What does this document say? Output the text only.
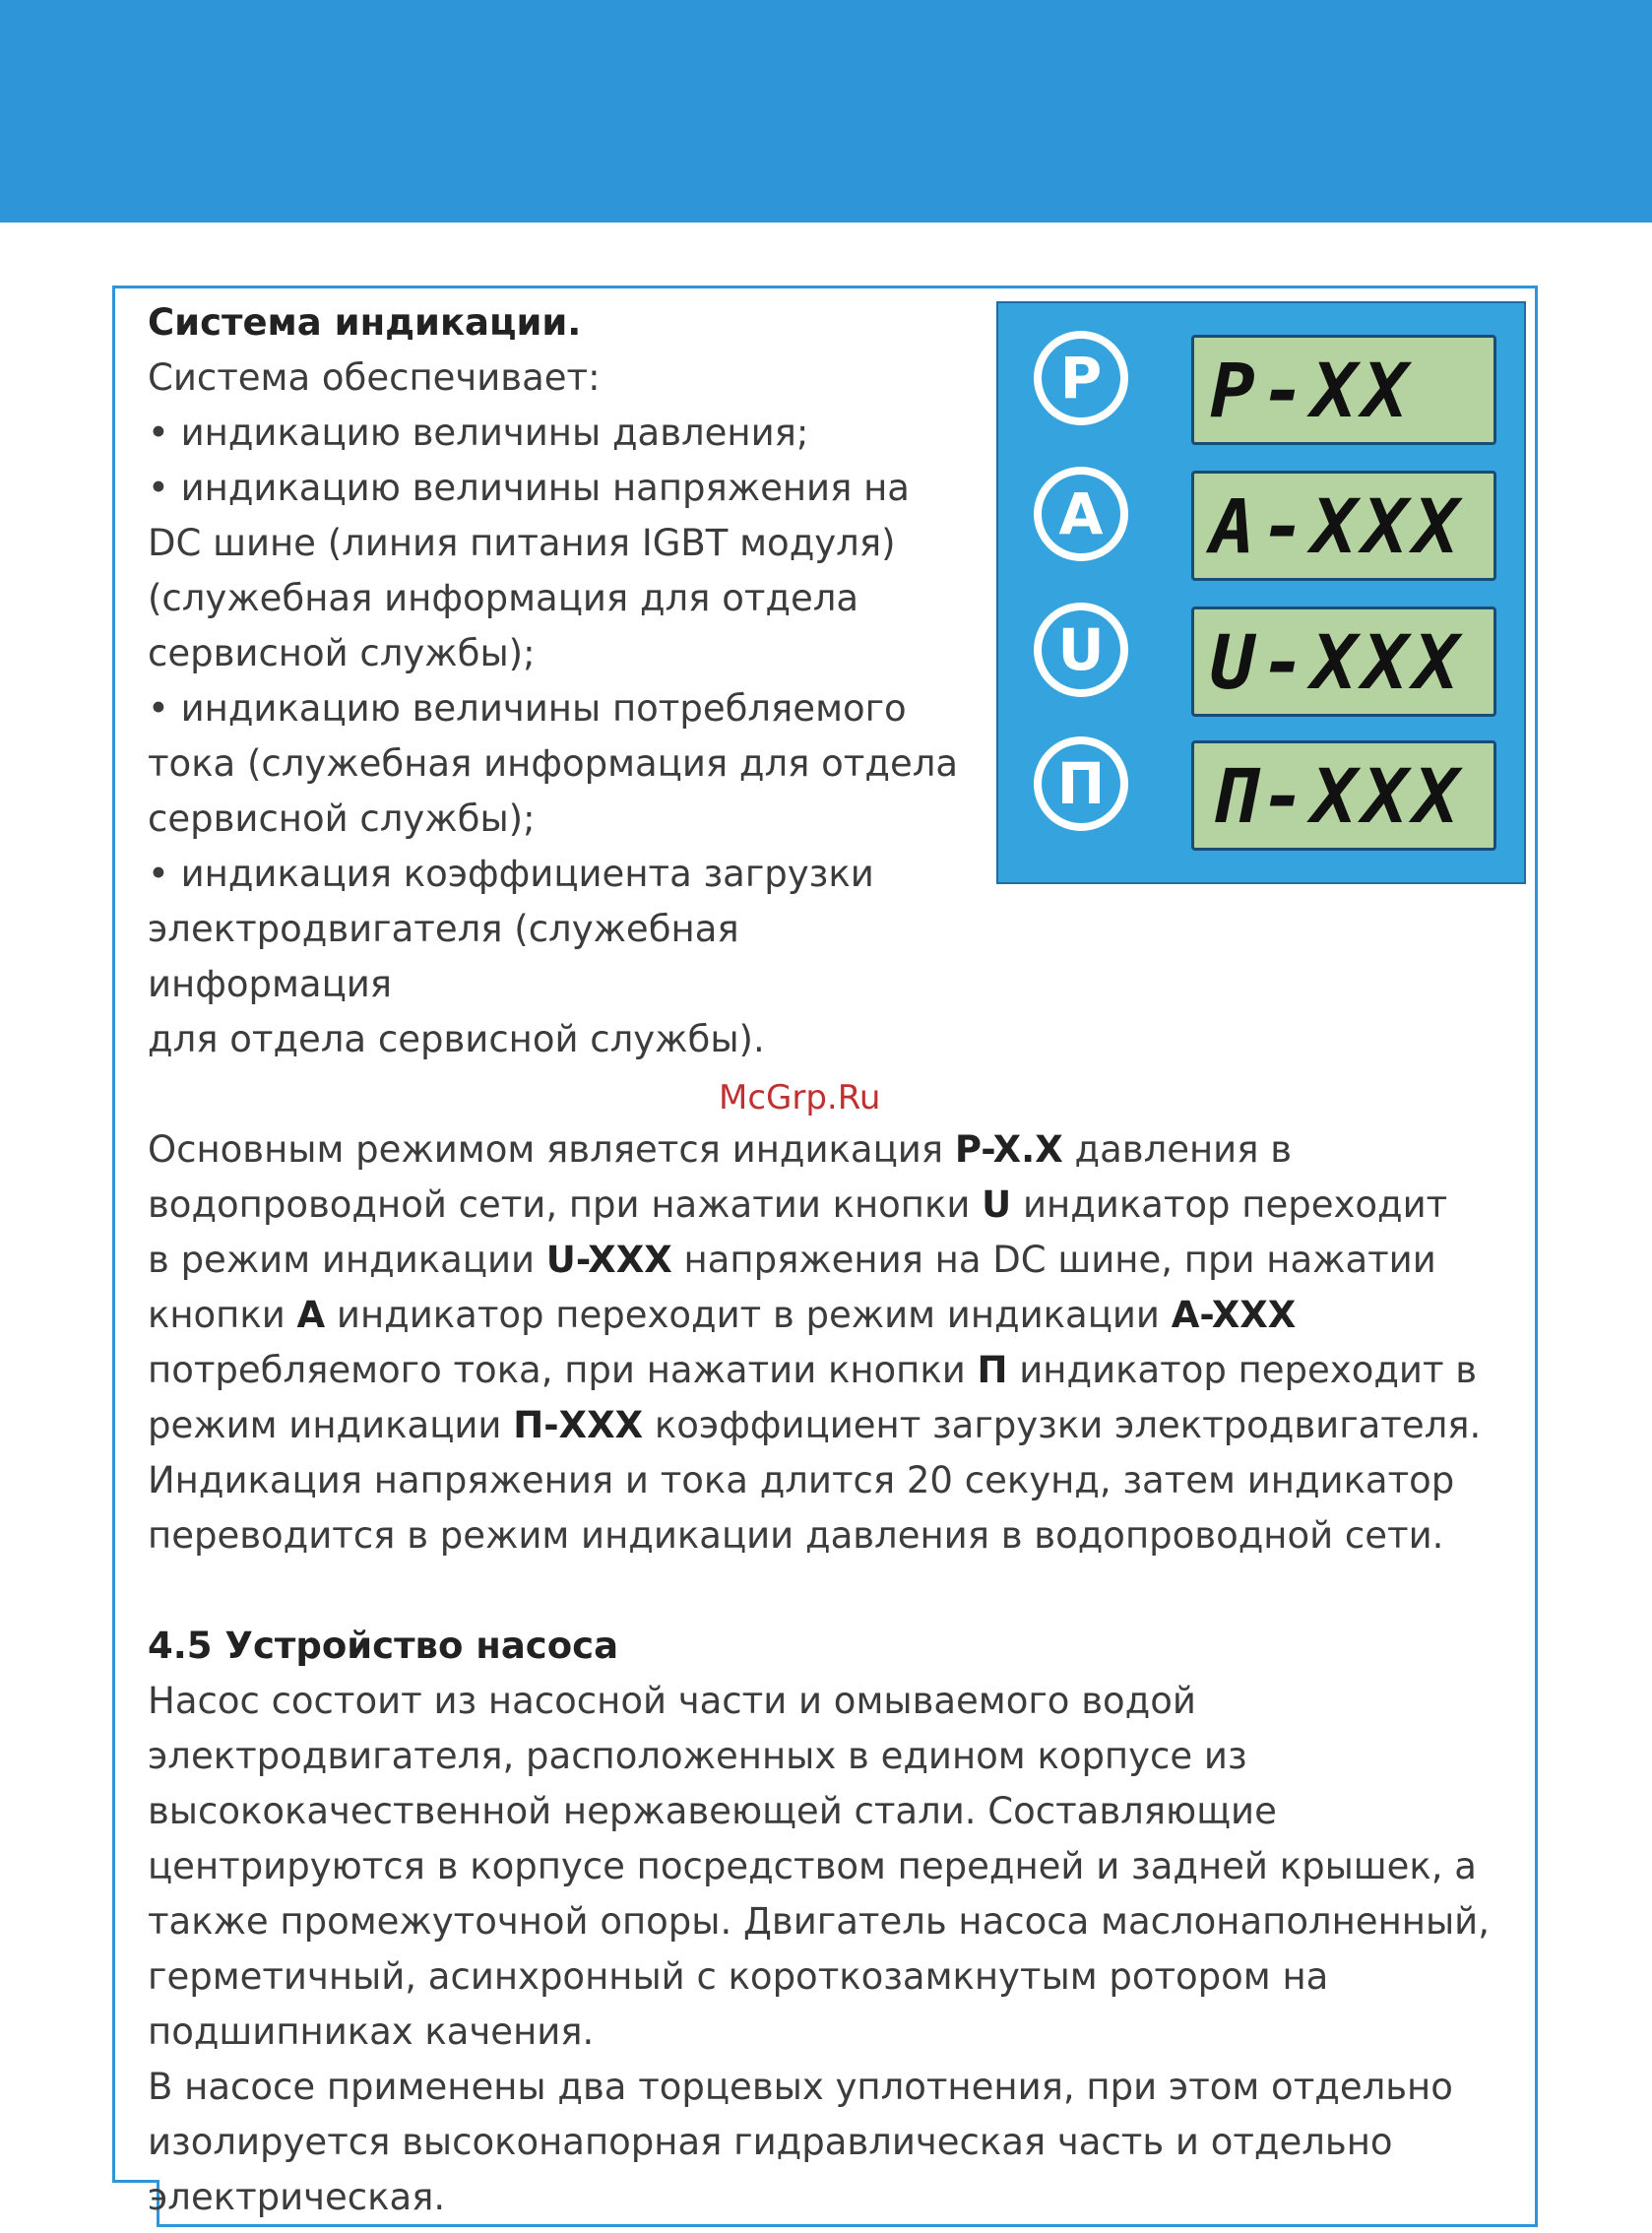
P	P-XX
A	A-XXX
U	U-XXX
П	П-XXX

Система индикации.

Система обеспечивает:

• индикацию величины давления;

• индикацию величины напряжения на

DC шине (линия питания IGBT модуля)

(служебная информация для отдела

сервисной службы);

• индикацию величины потребляемого

тока (служебная информация для отдела

сервисной службы);

• индикация коэффициента загрузки

электродвигателя (служебная информация

для отдела сервисной службы).

Основным режимом является индикация P-X.X давления в

водопроводной сети, при нажатии кнопки U индикатор переходит

в режим индикации U-XXX напряжения на DC шине, при нажатии

кнопки A индикатор переходит в режим индикации A-XXX

потребляемого тока, при нажатии кнопки П индикатор переходит в

режим индикации П-XXX коэффициент загрузки электродвигателя.

Индикация напряжения и тока длится 20 секунд, затем индикатор

переводится в режим индикации давления в водопроводной сети.

4.5 Устройство насоса

Насос состоит из насосной части и омываемого водой

электродвигателя, расположенных в едином корпусе из

высококачественной нержавеющей стали. Составляющие

центрируются в корпусе посредством передней и задней крышек, а

также промежуточной опоры. Двигатель насоса маслонаполненный,

герметичный, асинхронный с короткозамкнутым ротором на

подшипниках качения.

В насосе применены два торцевых уплотнения, при этом отдельно

изолируется высоконапорная гидравлическая часть и отдельно

электрическая.

McGrp.Ru
